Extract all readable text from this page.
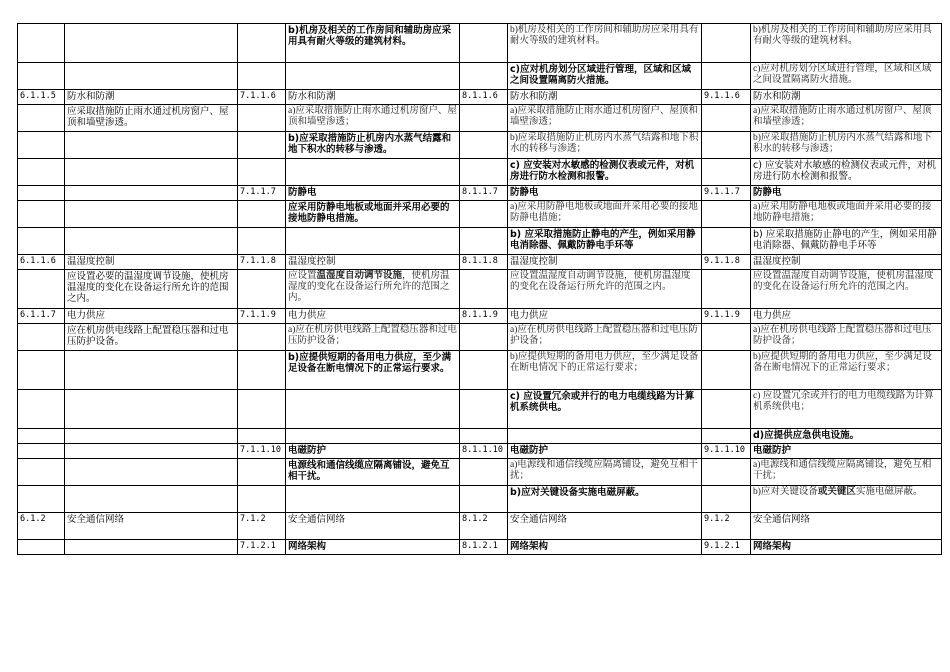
			b)机房及相关的工作房间和辅助房应采用具有耐火等级的建筑材料。		b)机房及相关的工作房间和辅助房应采用具有耐火等级的建筑材料。		b)机房及相关的工作房间和辅助房应采用具有耐火等级的建筑材料。
					c)应对机房划分区域进行管理，区域和区域之间设置隔离防火措施。		c)应对机房划分区域进行管理，区域和区域之间设置隔离防火措施。
6.1.1.5	防水和防潮	7.1.1.6	防水和防潮	8.1.1.6	防水和防潮	9.1.1.6	防水和防潮
	应采取措施防止雨水通过机房窗户、屋顶和墙壁渗透。		a)应采取措施防止雨水通过机房窗户、屋顶和墙壁渗透；		a)应采取措施防止雨水通过机房窗户、屋顶和墙壁渗透；		a)应采取措施防止雨水通过机房窗户、屋顶和墙壁渗透；
			b)应采取措施防止机房内水蒸气结露和地下积水的转移与渗透。		b)应采取措施防止机房内水蒸气结露和地下积水的转移与渗透；		b)应采取措施防止机房内水蒸气结露和地下积水的转移与渗透；
					c) 应安装对水敏感的检测仪表或元件，对机房进行防水检测和报警。		c) 应安装对水敏感的检测仪表或元件，对机房进行防水检测和报警。
		7.1.1.7	防静电	8.1.1.7	防静电	9.1.1.7	防静电
			应采用防静电地板或地面并采用必要的接地防静电措施。		a)应采用防静电地板或地面并采用必要的接地防静电措施；		a)应采用防静电地板或地面并采用必要的接地防静电措施；
					b) 应采取措施防止静电的产生，例如采用静电消除器、佩戴防静电手环等		b) 应采取措施防止静电的产生，例如采用静电消除器、佩戴防静电手环等
6.1.1.6	温湿度控制	7.1.1.8	温湿度控制	8.1.1.8	温湿度控制	9.1.1.8	温湿度控制
	应设置必要的温湿度调节设施，使机房温湿度的变化在设备运行所允许的范围之内。		应设置温湿度自动调节设施，使机房温湿度的变化在设备运行所允许的范围之内。		应设置温湿度自动调节设施，使机房温湿度的变化在设备运行所允许的范围之内。		应设置温湿度自动调节设施，使机房温湿度的变化在设备运行所允许的范围之内。
6.1.1.7	电力供应	7.1.1.9	电力供应	8.1.1.9	电力供应	9.1.1.9	电力供应
	应在机房供电线路上配置稳压器和过电压防护设备。		a)应在机房供电线路上配置稳压器和过电压防护设备；		a)应在机房供电线路上配置稳压器和过电压防护设备；		a)应在机房供电线路上配置稳压器和过电压防护设备；
			b)应提供短期的备用电力供应，至少满足设备在断电情况下的正常运行要求。		b)应提供短期的备用电力供应，至少满足设备在断电情况下的正常运行要求；		b)应提供短期的备用电力供应，至少满足设备在断电情况下的正常运行要求；
					c) 应设置冗余或并行的电力电缆线路为计算机系统供电。		c) 应设置冗余或并行的电力电缆线路为计算机系统供电；
							d)应提供应急供电设施。
		7.1.1.10	电磁防护	8.1.1.10	电磁防护	9.1.1.10	电磁防护
			电源线和通信线缆应隔离铺设，避免互相干扰。		a)电源线和通信线缆应隔离铺设，避免互相干扰；		a)电源线和通信线缆应隔离铺设，避免互相干扰；
					b)应对关键设备实施电磁屏蔽。		b)应对关键设备或关键区实施电磁屏蔽。
6.1.2	安全通信网络	7.1.2	安全通信网络	8.1.2	安全通信网络	9.1.2	安全通信网络
		7.1.2.1	网络架构	8.1.2.1	网络架构	9.1.2.1	网络架构
